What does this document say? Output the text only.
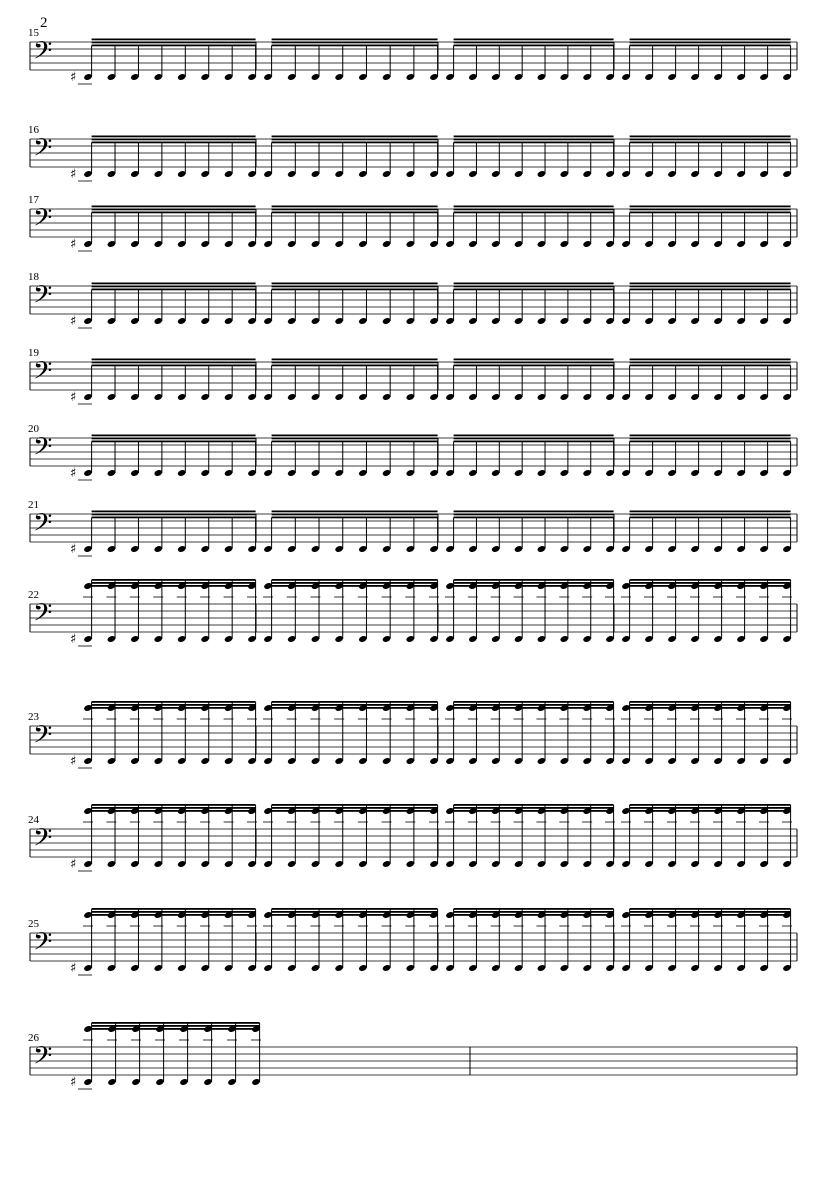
2
15
16
17
18
19
20
21
22
23
24
25
26
𝄢
♯
𝄢
♯
𝄢
♯
𝄢
♯
𝄢
♯
𝄢
♯
𝄢
♯
𝄢
♯
𝄢
♯
𝄢
♯
𝄢
♯
𝄢
♯
